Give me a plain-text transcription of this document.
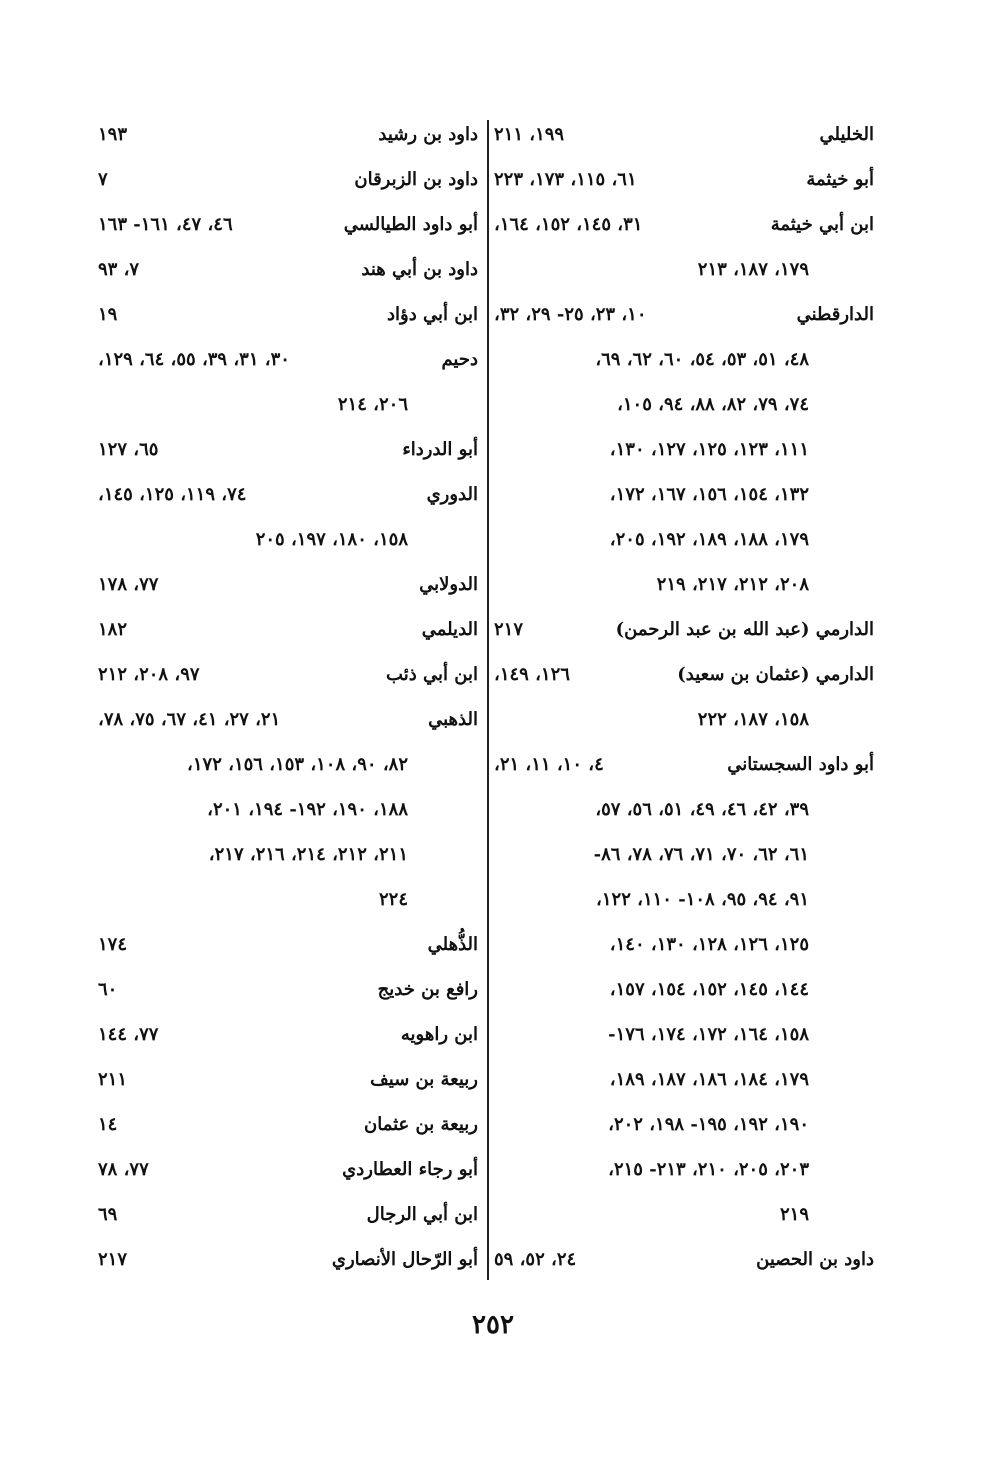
الخليلي
١٩٩، ٢١١
أبو خيثمة
٦١، ١١٥، ١٧٣، ٢٢٣
ابن أبي خيثمة
٣١، ١٤٥، ١٥٢، ١٦٤،
١٧٩، ١٨٧، ٢١٣
الدارقطني
١٠، ٢٣، ٢٥- ٢٩، ٣٢،
٤٨، ٥١، ٥٣، ٥٤، ٦٠، ٦٢، ٦٩،
٧٤، ٧٩، ٨٢، ٨٨، ٩٤، ١٠٥،
١١١، ١٢٣، ١٢٥، ١٢٧، ١٣٠،
١٣٢، ١٥٤، ١٥٦، ١٦٧، ١٧٢،
١٧٩، ١٨٨، ١٨٩، ١٩٢، ٢٠٥،
٢٠٨، ٢١٢، ٢١٧، ٢١٩
الدارمي (عبد الله بن عبد الرحمن)
٢١٧
الدارمي (عثمان بن سعيد)
١٢٦، ١٤٩،
١٥٨، ١٨٧، ٢٢٢
أبو داود السجستاني
٤، ١٠، ١١، ٢١،
٣٩، ٤٢، ٤٦، ٤٩، ٥١، ٥٦، ٥٧،
٦١، ٦٢، ٧٠، ٧١، ٧٦، ٧٨، ٨٦-
٩١، ٩٤، ٩٥، ١٠٨- ١١٠، ١٢٢،
١٢٥، ١٢٦، ١٢٨، ١٣٠، ١٤٠،
١٤٤، ١٤٥، ١٥٢، ١٥٤، ١٥٧،
١٥٨، ١٦٤، ١٧٢، ١٧٤، ١٧٦-
١٧٩، ١٨٤، ١٨٦، ١٨٧، ١٨٩،
١٩٠، ١٩٢، ١٩٥- ١٩٨، ٢٠٢،
٢٠٣، ٢٠٥، ٢١٠، ٢١٣- ٢١٥،
٢١٩
داود بن الحصين
٢٤، ٥٢، ٥٩
داود بن رشيد
١٩٣
داود بن الزبرقان
٧
أبو داود الطيالسي
٤٦، ٤٧، ١٦١- ١٦٣
داود بن أبي هند
٧، ٩٣
ابن أبي دؤاد
١٩
دحيم
٣٠، ٣١، ٣٩، ٥٥، ٦٤، ١٢٩،
٢٠٦، ٢١٤
أبو الدرداء
٦٥، ١٢٧
الدوري
٧٤، ١١٩، ١٢٥، ١٤٥،
١٥٨، ١٨٠، ١٩٧، ٢٠٥
الدولابي
٧٧، ١٧٨
الديلمي
١٨٢
ابن أبي ذئب
٩٧، ٢٠٨، ٢١٢
الذهبي
٢١، ٢٧، ٤١، ٦٧، ٧٥، ٧٨،
٨٢، ٩٠، ١٠٨، ١٥٣، ١٥٦، ١٧٢،
١٨٨، ١٩٠، ١٩٢- ١٩٤، ٢٠١،
٢١١، ٢١٢، ٢١٤، ٢١٦، ٢١٧،
٢٢٤
الذُّهلي
١٧٤
رافع بن خديج
٦٠
ابن راهويه
٧٧، ١٤٤
ربيعة بن سيف
٢١١
ربيعة بن عثمان
١٤
أبو رجاء العطاردي
٧٧، ٧٨
ابن أبي الرجال
٦٩
أبو الرّحال الأنصاري
٢١٧
٢٥٢
